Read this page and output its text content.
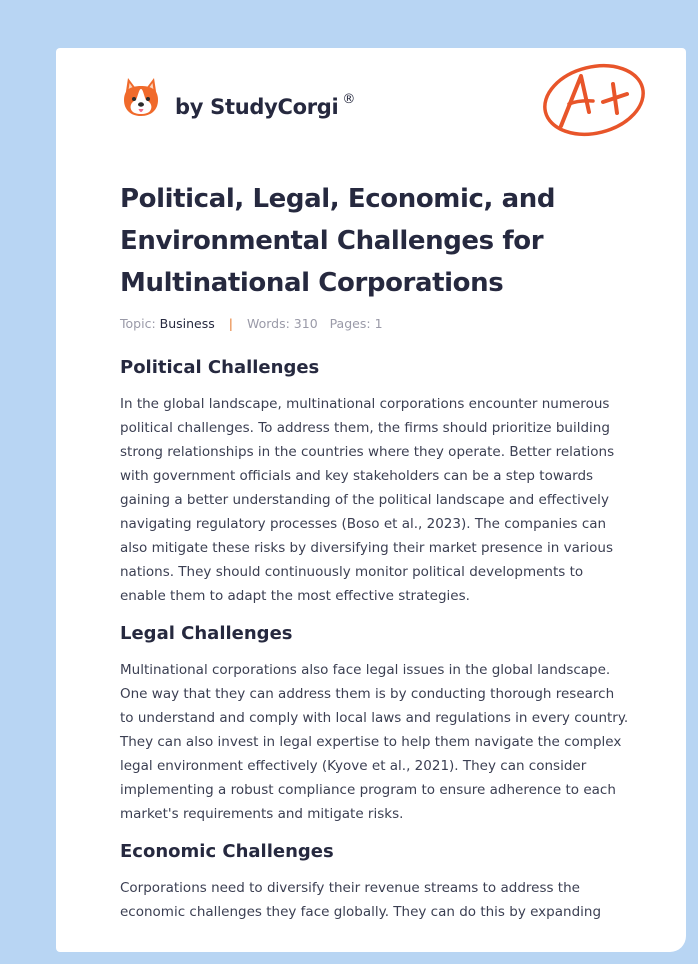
by StudyCorgi ®
Political, Legal, Economic, and Environmental Challenges for Multinational Corporations
Topic: Business | Words: 310 Pages: 1
Political Challenges

In the global landscape, multinational corporations encounter numerous political challenges. To address them, the firms should prioritize building strong relationships in the countries where they operate. Better relations with government officials and key stakeholders can be a step towards gaining a better understanding of the political landscape and effectively navigating regulatory processes (Boso et al., 2023). The companies can also mitigate these risks by diversifying their market presence in various nations. They should continuously monitor political developments to enable them to adapt the most effective strategies.

Legal Challenges

Multinational corporations also face legal issues in the global landscape. One way that they can address them is by conducting thorough research to understand and comply with local laws and regulations in every country. They can also invest in legal expertise to help them navigate the complex legal environment effectively (Kyove et al., 2021). They can consider implementing a robust compliance program to ensure adherence to each market's requirements and mitigate risks.

Economic Challenges

Corporations need to diversify their revenue streams to address the economic challenges they face globally. They can do this by expanding
